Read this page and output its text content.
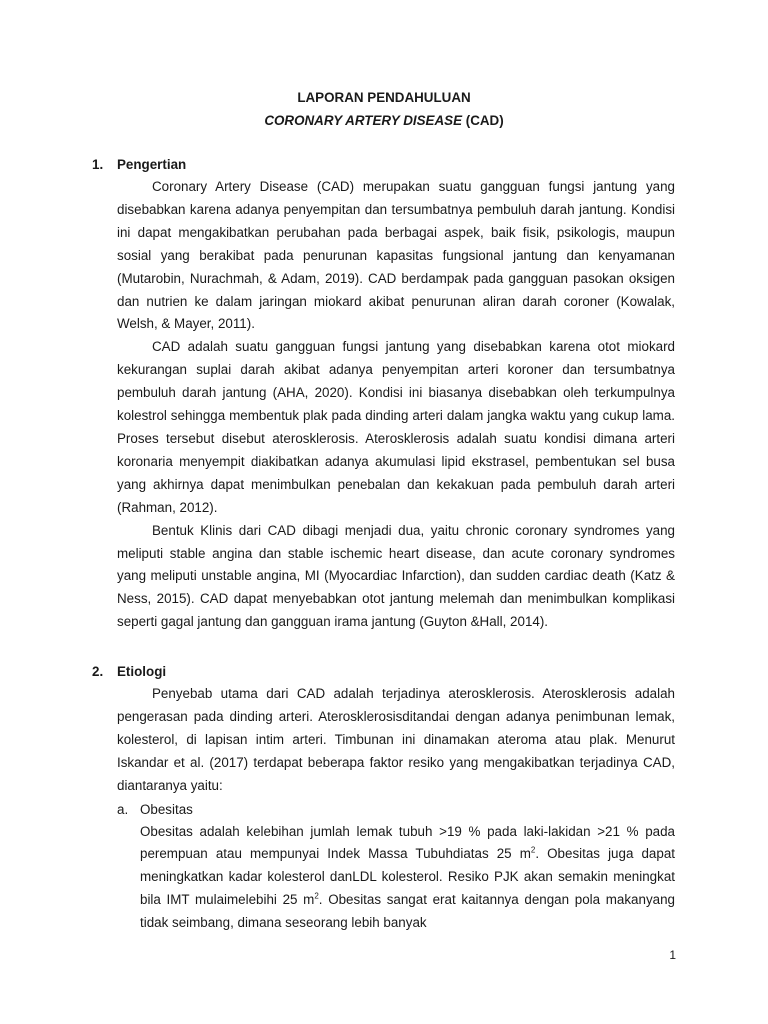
LAPORAN PENDAHULUAN
CORONARY ARTERY DISEASE (CAD)
1.	Pengertian

Coronary Artery Disease (CAD) merupakan suatu gangguan fungsi jantung yang disebabkan karena adanya penyempitan dan tersumbatnya pembuluh darah jantung. Kondisi ini dapat mengakibatkan perubahan pada berbagai aspek, baik fisik, psikologis, maupun sosial yang berakibat pada penurunan kapasitas fungsional jantung dan kenyamanan (Mutarobin, Nurachmah, & Adam, 2019). CAD berdampak pada gangguan pasokan oksigen dan nutrien ke dalam jaringan miokard akibat penurunan aliran darah coroner (Kowalak, Welsh, & Mayer, 2011).

CAD adalah suatu gangguan fungsi jantung yang disebabkan karena otot miokard kekurangan suplai darah akibat adanya penyempitan arteri koroner dan tersumbatnya pembuluh darah jantung (AHA, 2020). Kondisi ini biasanya disebabkan oleh terkumpulnya kolestrol sehingga membentuk plak pada dinding arteri dalam jangka waktu yang cukup lama. Proses tersebut disebut aterosklerosis. Aterosklerosis adalah suatu kondisi dimana arteri koronaria menyempit diakibatkan adanya akumulasi lipid ekstrasel, pembentukan sel busa yang akhirnya dapat menimbulkan penebalan dan kekakuan pada pembuluh darah arteri (Rahman, 2012).

Bentuk Klinis dari CAD dibagi menjadi dua, yaitu chronic coronary syndromes yang meliputi stable angina dan stable ischemic heart disease, dan acute coronary syndromes yang meliputi unstable angina, MI (Myocardiac Infarction), dan sudden cardiac death (Katz & Ness, 2015). CAD dapat menyebabkan otot jantung melemah dan menimbulkan komplikasi seperti gagal jantung dan gangguan irama jantung (Guyton &Hall, 2014).

2.	Etiologi

Penyebab utama dari CAD adalah terjadinya aterosklerosis. Aterosklerosis adalah pengerasan pada dinding arteri. Aterosklerosisditandai dengan adanya penimbunan lemak, kolesterol, di lapisan intim arteri. Timbunan ini dinamakan ateroma atau plak. Menurut Iskandar et al. (2017) terdapat beberapa faktor resiko yang mengakibatkan terjadinya CAD, diantaranya yaitu:

a. Obesitas

Obesitas adalah kelebihan jumlah lemak tubuh >19 % pada laki-lakidan >21 % pada perempuan atau mempunyai Indek Massa Tubuhdiatas 25 $m^2$. Obesitas juga dapat meningkatkan kadar kolesterol danLDL kolesterol. Resiko PJK akan semakin meningkat bila IMT mulaimelebihi 25 $m^2$. Obesitas sangat erat kaitannya dengan pola makanyang tidak seimbang, dimana seseorang lebih banyak

1
